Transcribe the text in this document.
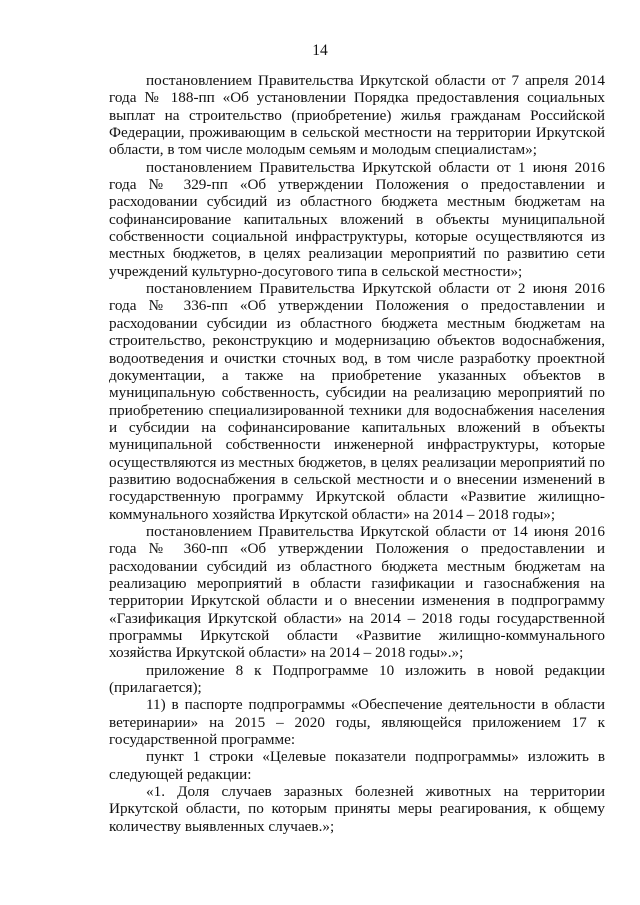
14

постановлением Правительства Иркутской области от 7 апреля 2014 года № 188-пп «Об установлении Порядка предоставления социальных выплат на строительство (приобретение) жилья гражданам Российской Федерации, проживающим в сельской местности на территории Иркутской области, в том числе молодым семьям и молодым специалистам»;

постановлением Правительства Иркутской области от 1 июня 2016 года № 329-пп «Об утверждении Положения о предоставлении и расходовании субсидий из областного бюджета местным бюджетам на софинансирование капитальных вложений в объекты муниципальной собственности социальной инфраструктуры, которые осуществляются из местных бюджетов, в целях реализации мероприятий по развитию сети учреждений культурно-досугового типа в сельской местности»;

постановлением Правительства Иркутской области от 2 июня 2016 года № 336-пп «Об утверждении Положения о предоставлении и расходовании субсидии из областного бюджета местным бюджетам на строительство, реконструкцию и модернизацию объектов водоснабжения, водоотведения и очистки сточных вод, в том числе разработку проектной документации, а также на приобретение указанных объектов в муниципальную собственность, субсидии на реализацию мероприятий по приобретению специализированной техники для водоснабжения населения и субсидии на софинансирование капитальных вложений в объекты муниципальной собственности инженерной инфраструктуры, которые осуществляются из местных бюджетов, в целях реализации мероприятий по развитию водоснабжения в сельской местности и о внесении изменений в государственную программу Иркутской области «Развитие жилищно-коммунального хозяйства Иркутской области» на 2014 – 2018 годы»;

постановлением Правительства Иркутской области от 14 июня 2016 года № 360-пп «Об утверждении Положения о предоставлении и расходовании субсидий из областного бюджета местным бюджетам на реализацию мероприятий в области газификации и газоснабжения на территории Иркутской области и о внесении изменения в подпрограмму «Газификация Иркутской области» на 2014 – 2018 годы государственной программы Иркутской области «Развитие жилищно-коммунального хозяйства Иркутской области» на 2014 – 2018 годы».»;

приложение 8 к Подпрограмме 10 изложить в новой редакции (прилагается);

11) в паспорте подпрограммы «Обеспечение деятельности в области ветеринарии» на 2015 – 2020 годы, являющейся приложением 17 к государственной программе:

пункт 1 строки «Целевые показатели подпрограммы» изложить в следующей редакции:

«1. Доля случаев заразных болезней животных на территории Иркутской области, по которым приняты меры реагирования, к общему количеству выявленных случаев.»;
